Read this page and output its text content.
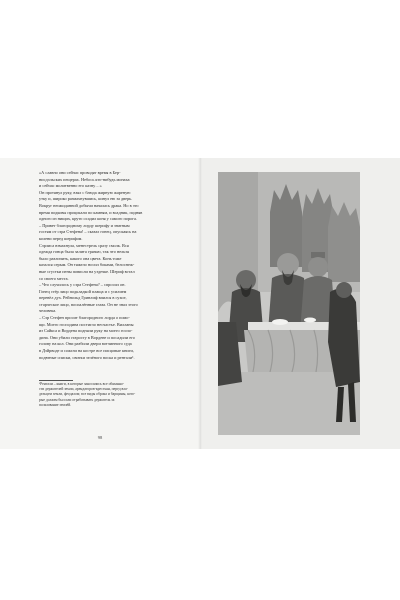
«А славно они сейчас проводят время в Бер-
нисдэльских пещерах. Небось кто-нибудь монаха
и сейчас молитвенно его казну…»
Он протянул руку, взял с блюда жирную жареную
утку и, широко размахнувшись, кинул ею за дверь.
Вокруг неожиданной добычи началась драка. Но в это
время подковы процокали по камням, и всадник, подняв
одного из нищих, круто осадил коня у самого порога.
– Привет благородному лорду шерифу и знатным
гостям от сэра Стефена! – сказал гонец, опускаясь на
колени перед шерифом.
Сэрлиса взмахнула, менестрель сразу смолк. Вся
одежда гонца была залита грязью, так что нельзя
было различить, какого она цвета. Конь тоже
казался серым. Он тяжело носил боками, белоснеж-
ные сгустки пены повисли на уздечке. Шериф встал
со своего места.
– Что случилось у сэра Стефена? – спросил он.
Гонец стёр лицо подкладкой плаща и с усилием
перевёл дух. Рейнольд Гринлиф впился в сухое,
старческое лицо, воспалённые глаза. Он не знал этого
человека.
– Сэр Стефен просит благородного лорда о помо-
щи. Моего господина постигло несчастье. Вилланы
из Сайкса и Вордена подняли руку на моего госпо-
дина. Они убили старосту в Вордене и посадили его
голову на кол. Они разбили двери вотчинного суда
в Дэйрводе и сожгли на костре все писцовые книги,
подвтные списки, свитки зелёного воска и рентали¹.
¹Рентали – книги, в которые заносились все обязанно-
сти держателей земли, арендаторов-крестьян, перед вла-
дельцем земли, феодалом; все виды оброка и барщины, кото-
рые должен был или отрабатывать держатель за
пользование землёй.
98
